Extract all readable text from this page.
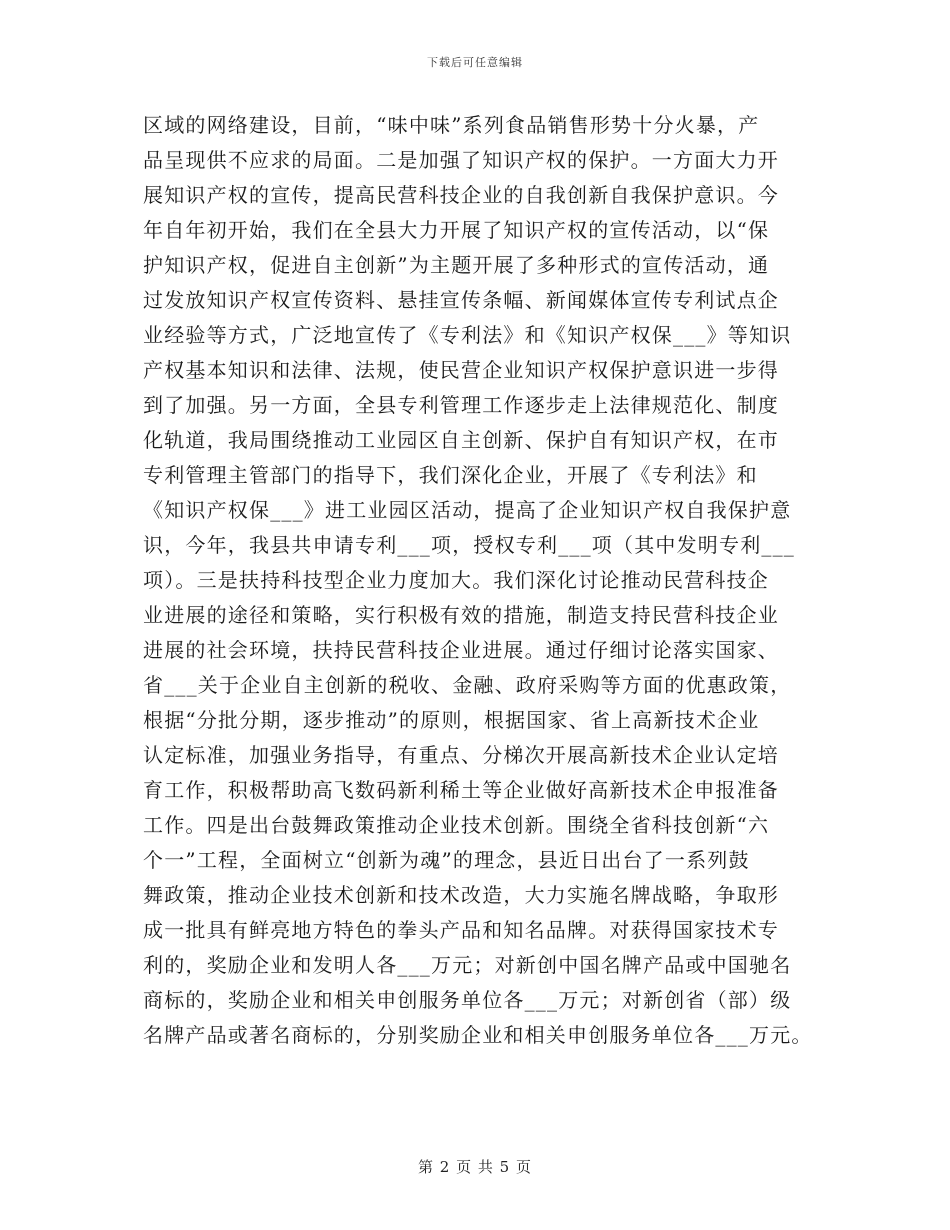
下载后可任意编辑
区域的网络建设，目前，“味中味”系列食品销售形势十分火暴，产
品呈现供不应求的局面。二是加强了知识产权的保护。一方面大力开
展知识产权的宣传，提高民营科技企业的自我创新自我保护意识。今
年自年初开始，我们在全县大力开展了知识产权的宣传活动，以“保
护知识产权，促进自主创新”为主题开展了多种形式的宣传活动，通
过发放知识产权宣传资料、悬挂宣传条幅、新闻媒体宣传专利试点企
业经验等方式，广泛地宣传了《专利法》和《知识产权保___》等知识
产权基本知识和法律、法规，使民营企业知识产权保护意识进一步得
到了加强。另一方面，全县专利管理工作逐步走上法律规范化、制度
化轨道，我局围绕推动工业园区自主创新、保护自有知识产权，在市
专利管理主管部门的指导下，我们深化企业，开展了《专利法》和
《知识产权保___》进工业园区活动，提高了企业知识产权自我保护意
识，今年，我县共申请专利___项，授权专利___项（其中发明专利___
项）。三是扶持科技型企业力度加大。我们深化讨论推动民营科技企
业进展的途径和策略，实行积极有效的措施，制造支持民营科技企业
进展的社会环境，扶持民营科技企业进展。通过仔细讨论落实国家、
省___关于企业自主创新的税收、金融、政府采购等方面的优惠政策，
根据“分批分期，逐步推动”的原则，根据国家、省上高新技术企业
认定标准，加强业务指导，有重点、分梯次开展高新技术企业认定培
育工作，积极帮助高飞数码新利稀土等企业做好高新技术企申报准备
工作。四是出台鼓舞政策推动企业技术创新。围绕全省科技创新“六
个一”工程，全面树立“创新为魂”的理念，县近日出台了一系列鼓
舞政策，推动企业技术创新和技术改造，大力实施名牌战略，争取形
成一批具有鲜亮地方特色的拳头产品和知名品牌。对获得国家技术专
利的，奖励企业和发明人各___万元；对新创中国名牌产品或中国驰名
商标的，奖励企业和相关申创服务单位各___万元；对新创省（部）级
名牌产品或著名商标的，分别奖励企业和相关申创服务单位各___万元。
第 2 页 共 5 页
